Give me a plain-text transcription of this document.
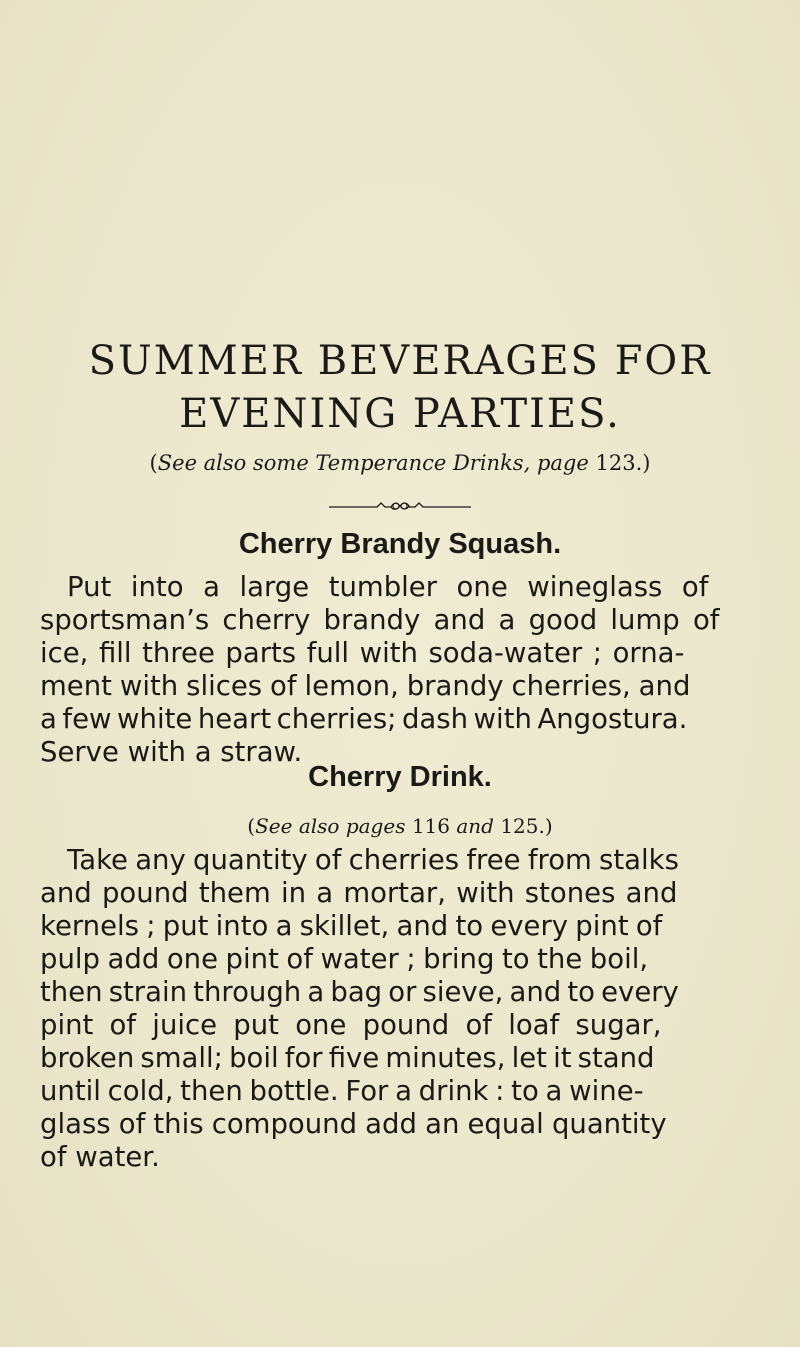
SUMMER BEVERAGES FOR
EVENING PARTIES.

(See also some Temperance Drinks, page 123.)

Cherry Brandy Squash.

Put into a large tumbler one wineglass of

sportsman’s cherry brandy and a good lump of

ice, fill three parts full with soda-water ; orna-

ment with slices of lemon, brandy cherries, and

a few white heart cherries; dash with Angostura.

Serve with a straw.

Cherry Drink.

(See also pages 116 and 125.)

Take any quantity of cherries free from stalks

and pound them in a mortar, with stones and

kernels ; put into a skillet, and to every pint of

pulp add one pint of water ; bring to the boil,

then strain through a bag or sieve, and to every

pint of juice put one pound of loaf sugar,

broken small; boil for five minutes, let it stand

until cold, then bottle. For a drink : to a wine-

glass of this compound add an equal quantity

of water.
